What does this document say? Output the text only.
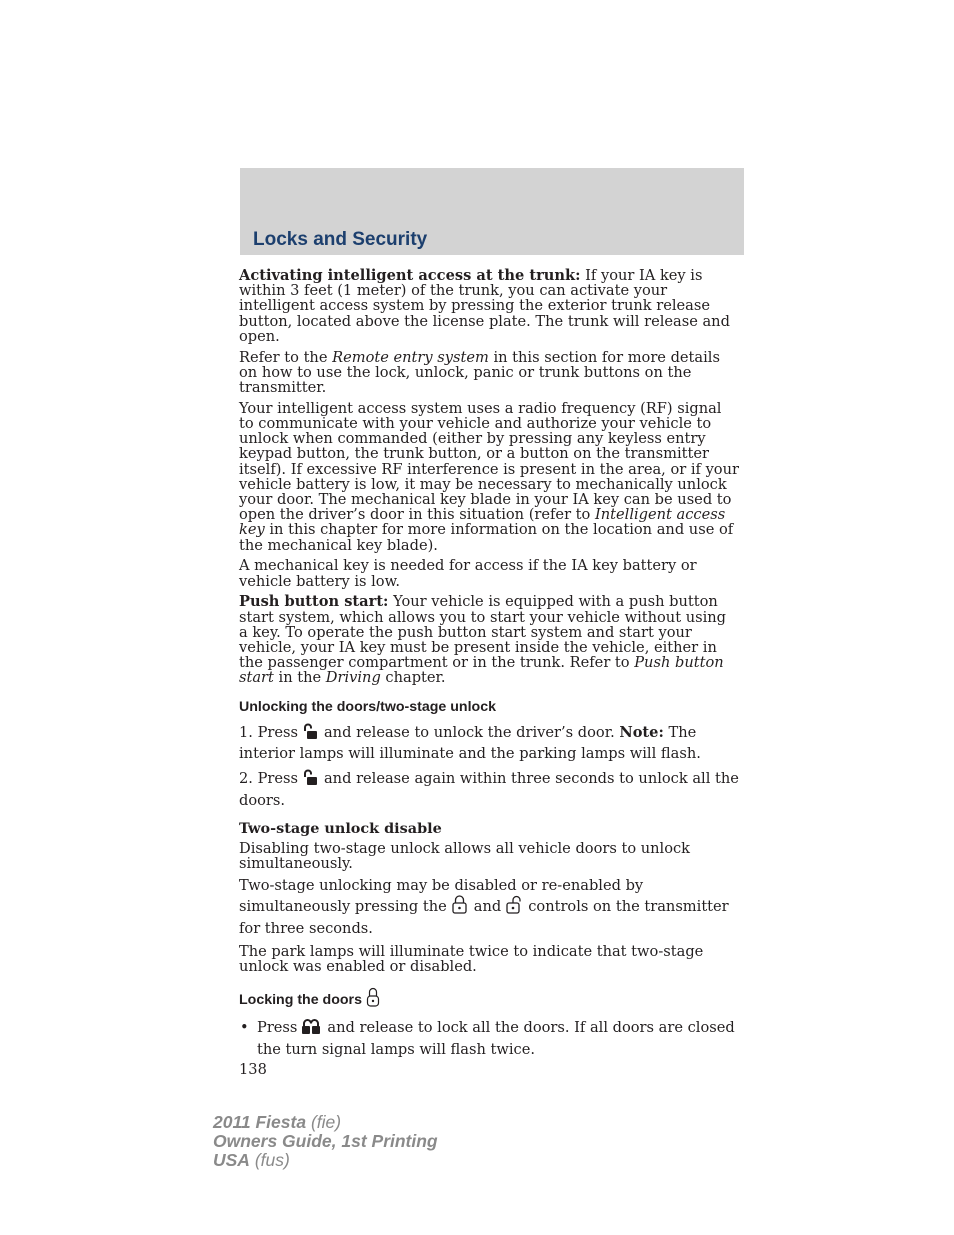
Locks and Security

Activating intelligent access at the trunk: If your IA key is within 3 feet (1 meter) of the trunk, you can activate your intelligent access system by pressing the exterior trunk release button, located above the license plate. The trunk will release and open.

Refer to the Remote entry system in this section for more details on how to use the lock, unlock, panic or trunk buttons on the transmitter.

Your intelligent access system uses a radio frequency (RF) signal to communicate with your vehicle and authorize your vehicle to unlock when commanded (either by pressing any keyless entry keypad button, the trunk button, or a button on the transmitter itself). If excessive RF interference is present in the area, or if your vehicle battery is low, it may be necessary to mechanically unlock your door. The mechanical key blade in your IA key can be used to open the driver’s door in this situation (refer to Intelligent access key in this chapter for more information on the location and use of the mechanical key blade).

A mechanical key is needed for access if the IA key battery or vehicle battery is low.

Push button start: Your vehicle is equipped with a push button start system, which allows you to start your vehicle without using a key. To operate the push button start system and start your vehicle, your IA key must be present inside the vehicle, either in the passenger compartment or in the trunk. Refer to Push button start in the Driving chapter.

Unlocking the doors/two-stage unlock

1. Press and release to unlock the driver’s door. Note: The interior lamps will illuminate and the parking lamps will flash.

2. Press and release again within three seconds to unlock all the doors.

Two-stage unlock disable

Disabling two-stage unlock allows all vehicle doors to unlock simultaneously.

Two-stage unlocking may be disabled or re-enabled by simultaneously pressing the and controls on the transmitter for three seconds.

The park lamps will illuminate twice to indicate that two-stage unlock was enabled or disabled.

Locking the doors
• Press and release to lock all the doors. If all doors are closed the turn signal lamps will flash twice.
138
2011 Fiesta (fie)
Owners Guide, 1st Printing
USA (fus)
